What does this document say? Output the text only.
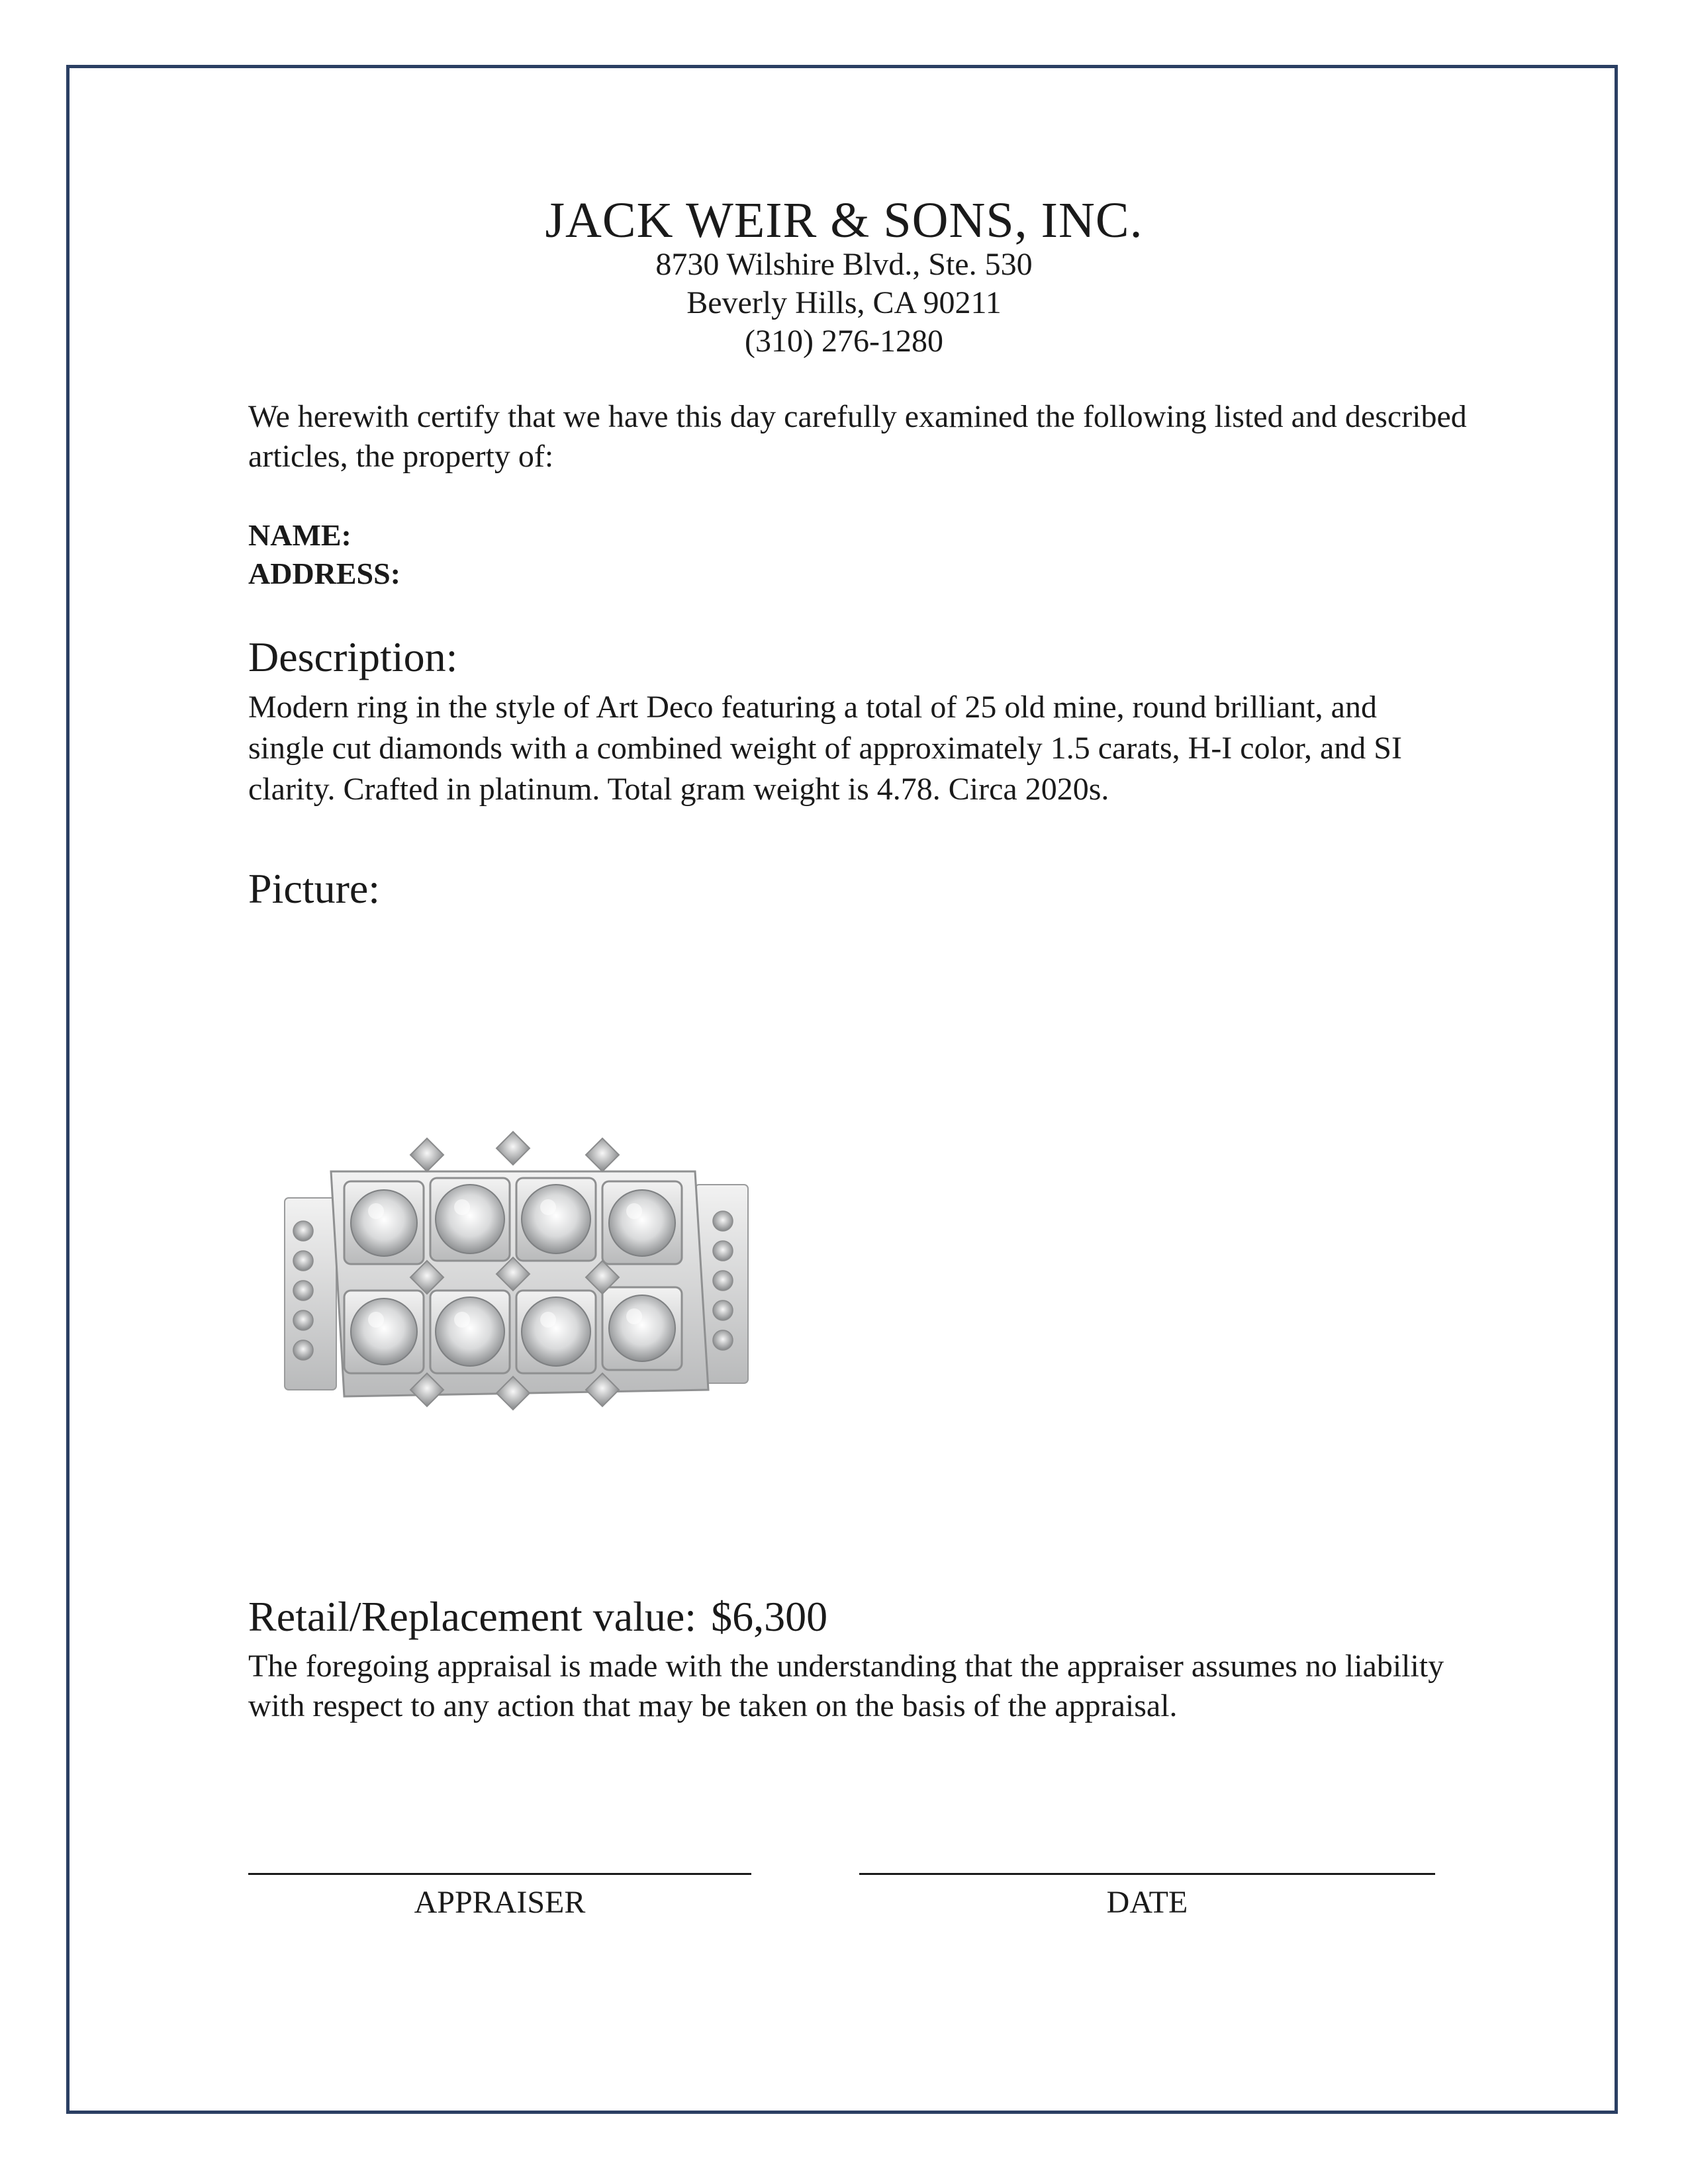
JACK WEIR & SONS, INC.
8730 Wilshire Blvd., Ste. 530
Beverly Hills, CA 90211
(310) 276-1280
We herewith certify that we have this day carefully examined the following listed and described articles, the property of:
NAME:
ADDRESS:
Description:
Modern ring in the style of Art Deco featuring a total of 25 old mine, round brilliant, and single cut diamonds with a combined weight of approximately 1.5 carats, H-I color, and SI clarity. Crafted in platinum. Total gram weight is 4.78. Circa 2020s.
Picture:
Retail/Replacement value: $6,300
The foregoing appraisal is made with the understanding that the appraiser assumes no liability with respect to any action that may be taken on the basis of the appraisal.
APPRAISER	DATE
